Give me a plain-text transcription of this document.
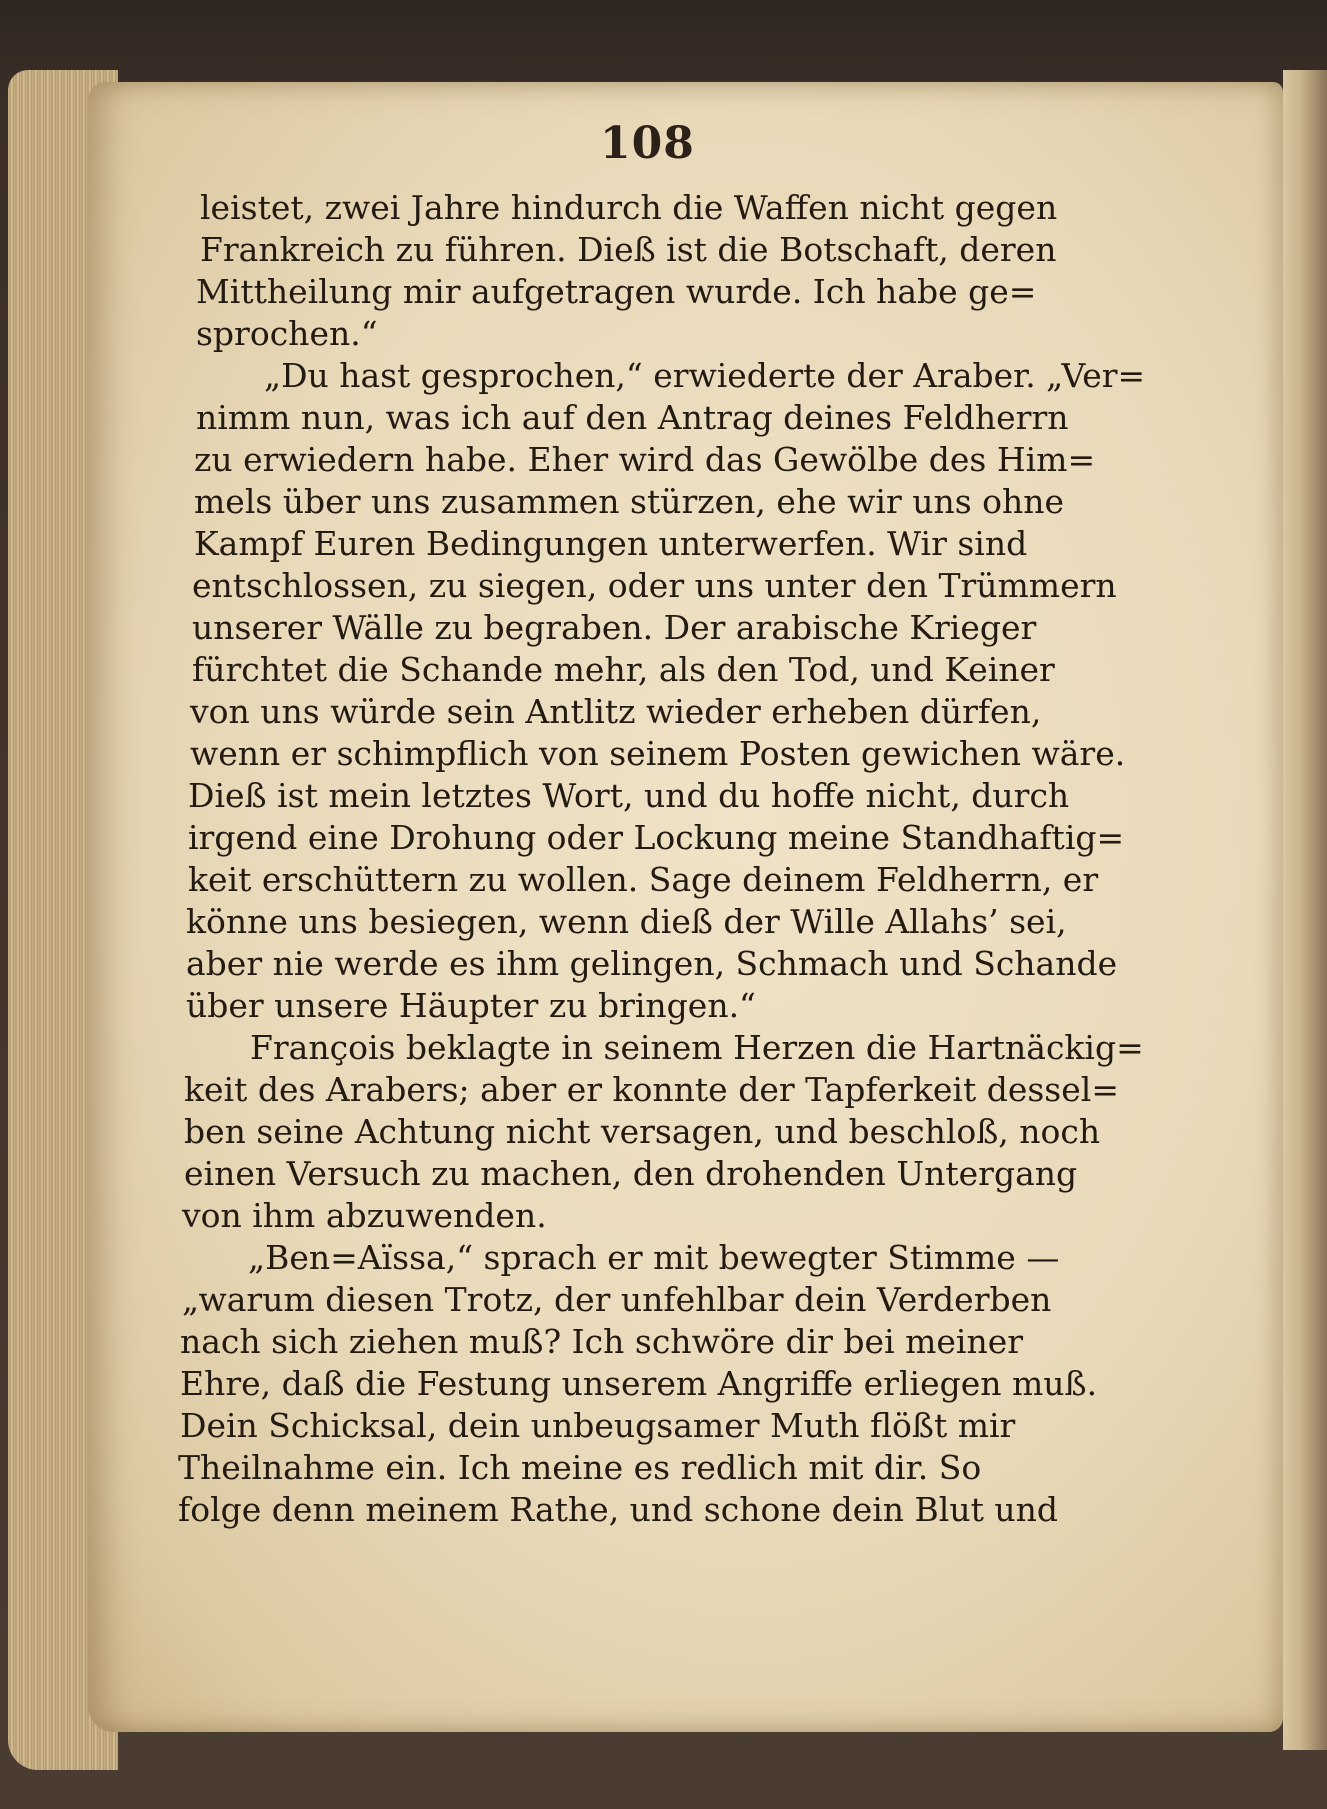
108
leistet, zwei Jahre hindurch die Waffen nicht gegen
Frankreich zu führen. Dieß ist die Botschaft, deren
Mittheilung mir aufgetragen wurde. Ich habe ge=
sprochen.“
„Du hast gesprochen,“ erwiederte der Araber. „Ver=
nimm nun, was ich auf den Antrag deines Feldherrn
zu erwiedern habe. Eher wird das Gewölbe des Him=
mels über uns zusammen stürzen, ehe wir uns ohne
Kampf Euren Bedingungen unterwerfen. Wir sind
entschlossen, zu siegen, oder uns unter den Trümmern
unserer Wälle zu begraben. Der arabische Krieger
fürchtet die Schande mehr, als den Tod, und Keiner
von uns würde sein Antlitz wieder erheben dürfen,
wenn er schimpflich von seinem Posten gewichen wäre.
Dieß ist mein letztes Wort, und du hoffe nicht, durch
irgend eine Drohung oder Lockung meine Standhaftig=
keit erschüttern zu wollen. Sage deinem Feldherrn, er
könne uns besiegen, wenn dieß der Wille Allahs’ sei,
aber nie werde es ihm gelingen, Schmach und Schande
über unsere Häupter zu bringen.“
François beklagte in seinem Herzen die Hartnäckig=
keit des Arabers; aber er konnte der Tapferkeit dessel=
ben seine Achtung nicht versagen, und beschloß, noch
einen Versuch zu machen, den drohenden Untergang
von ihm abzuwenden.
„Ben=Aïssa,“ sprach er mit bewegter Stimme —
„warum diesen Trotz, der unfehlbar dein Verderben
nach sich ziehen muß? Ich schwöre dir bei meiner
Ehre, daß die Festung unserem Angriffe erliegen muß.
Dein Schicksal, dein unbeugsamer Muth flößt mir
Theilnahme ein. Ich meine es redlich mit dir. So
folge denn meinem Rathe, und schone dein Blut und
